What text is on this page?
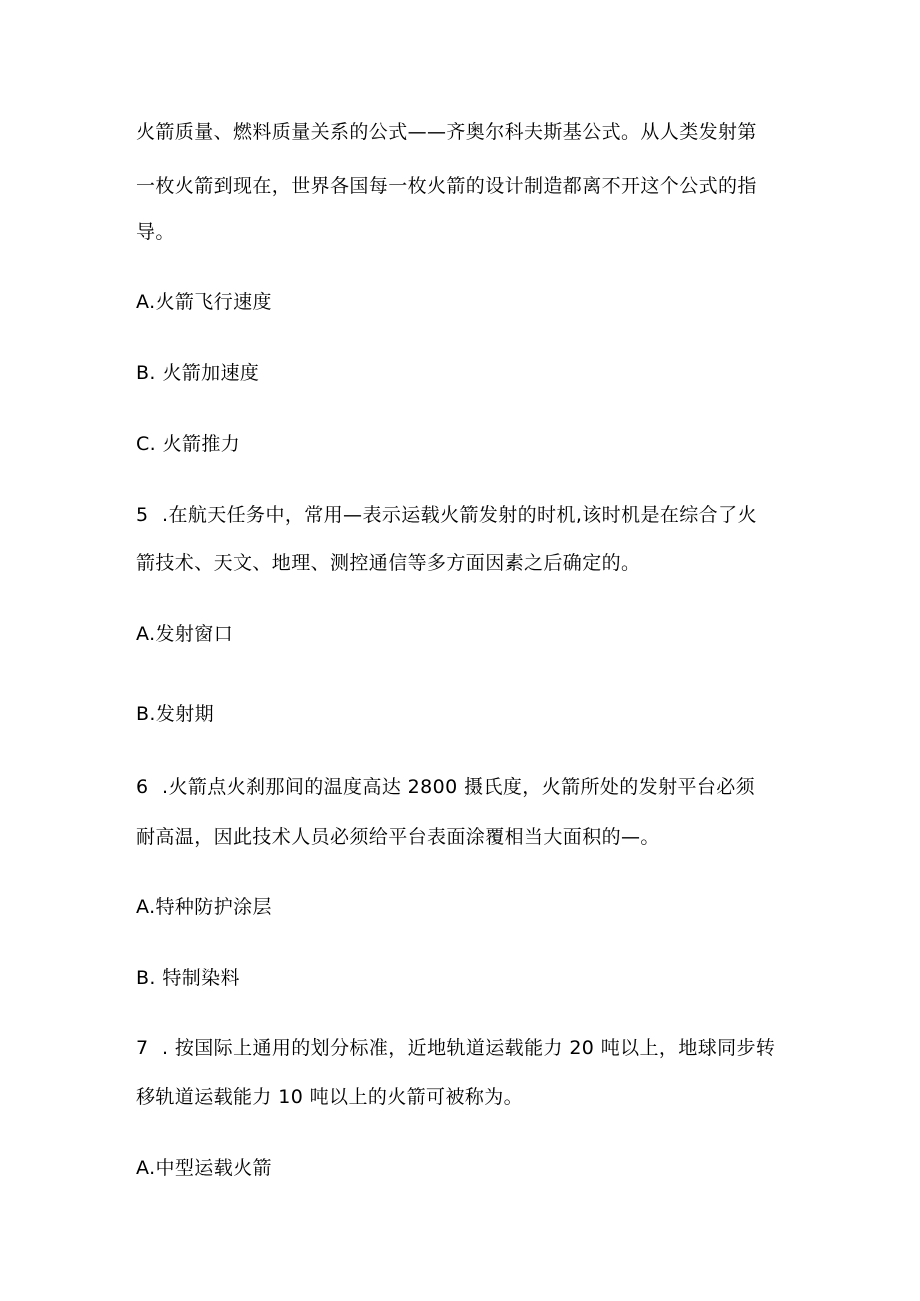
火箭质量、燃料质量关系的公式——齐奥尔科夫斯基公式。从人类发射第
一枚火箭到现在，世界各国每一枚火箭的设计制造都离不开这个公式的指
导。
A.火箭飞行速度
B. 火箭加速度
C. 火箭推力
5 .在航天任务中，常用—表示运载火箭发射的时机,该时机是在综合了火
箭技术、天文、地理、测控通信等多方面因素之后确定的。
A.发射窗口
B.发射期
6 .火箭点火刹那间的温度高达 2800 摄氏度，火箭所处的发射平台必须
耐高温，因此技术人员必须给平台表面涂覆相当大面积的—。
A.特种防护涂层
B. 特制染料
7 . 按国际上通用的划分标准，近地轨道运载能力 20 吨以上，地球同步转
移轨道运载能力 10 吨以上的火箭可被称为。
A.中型运载火箭
